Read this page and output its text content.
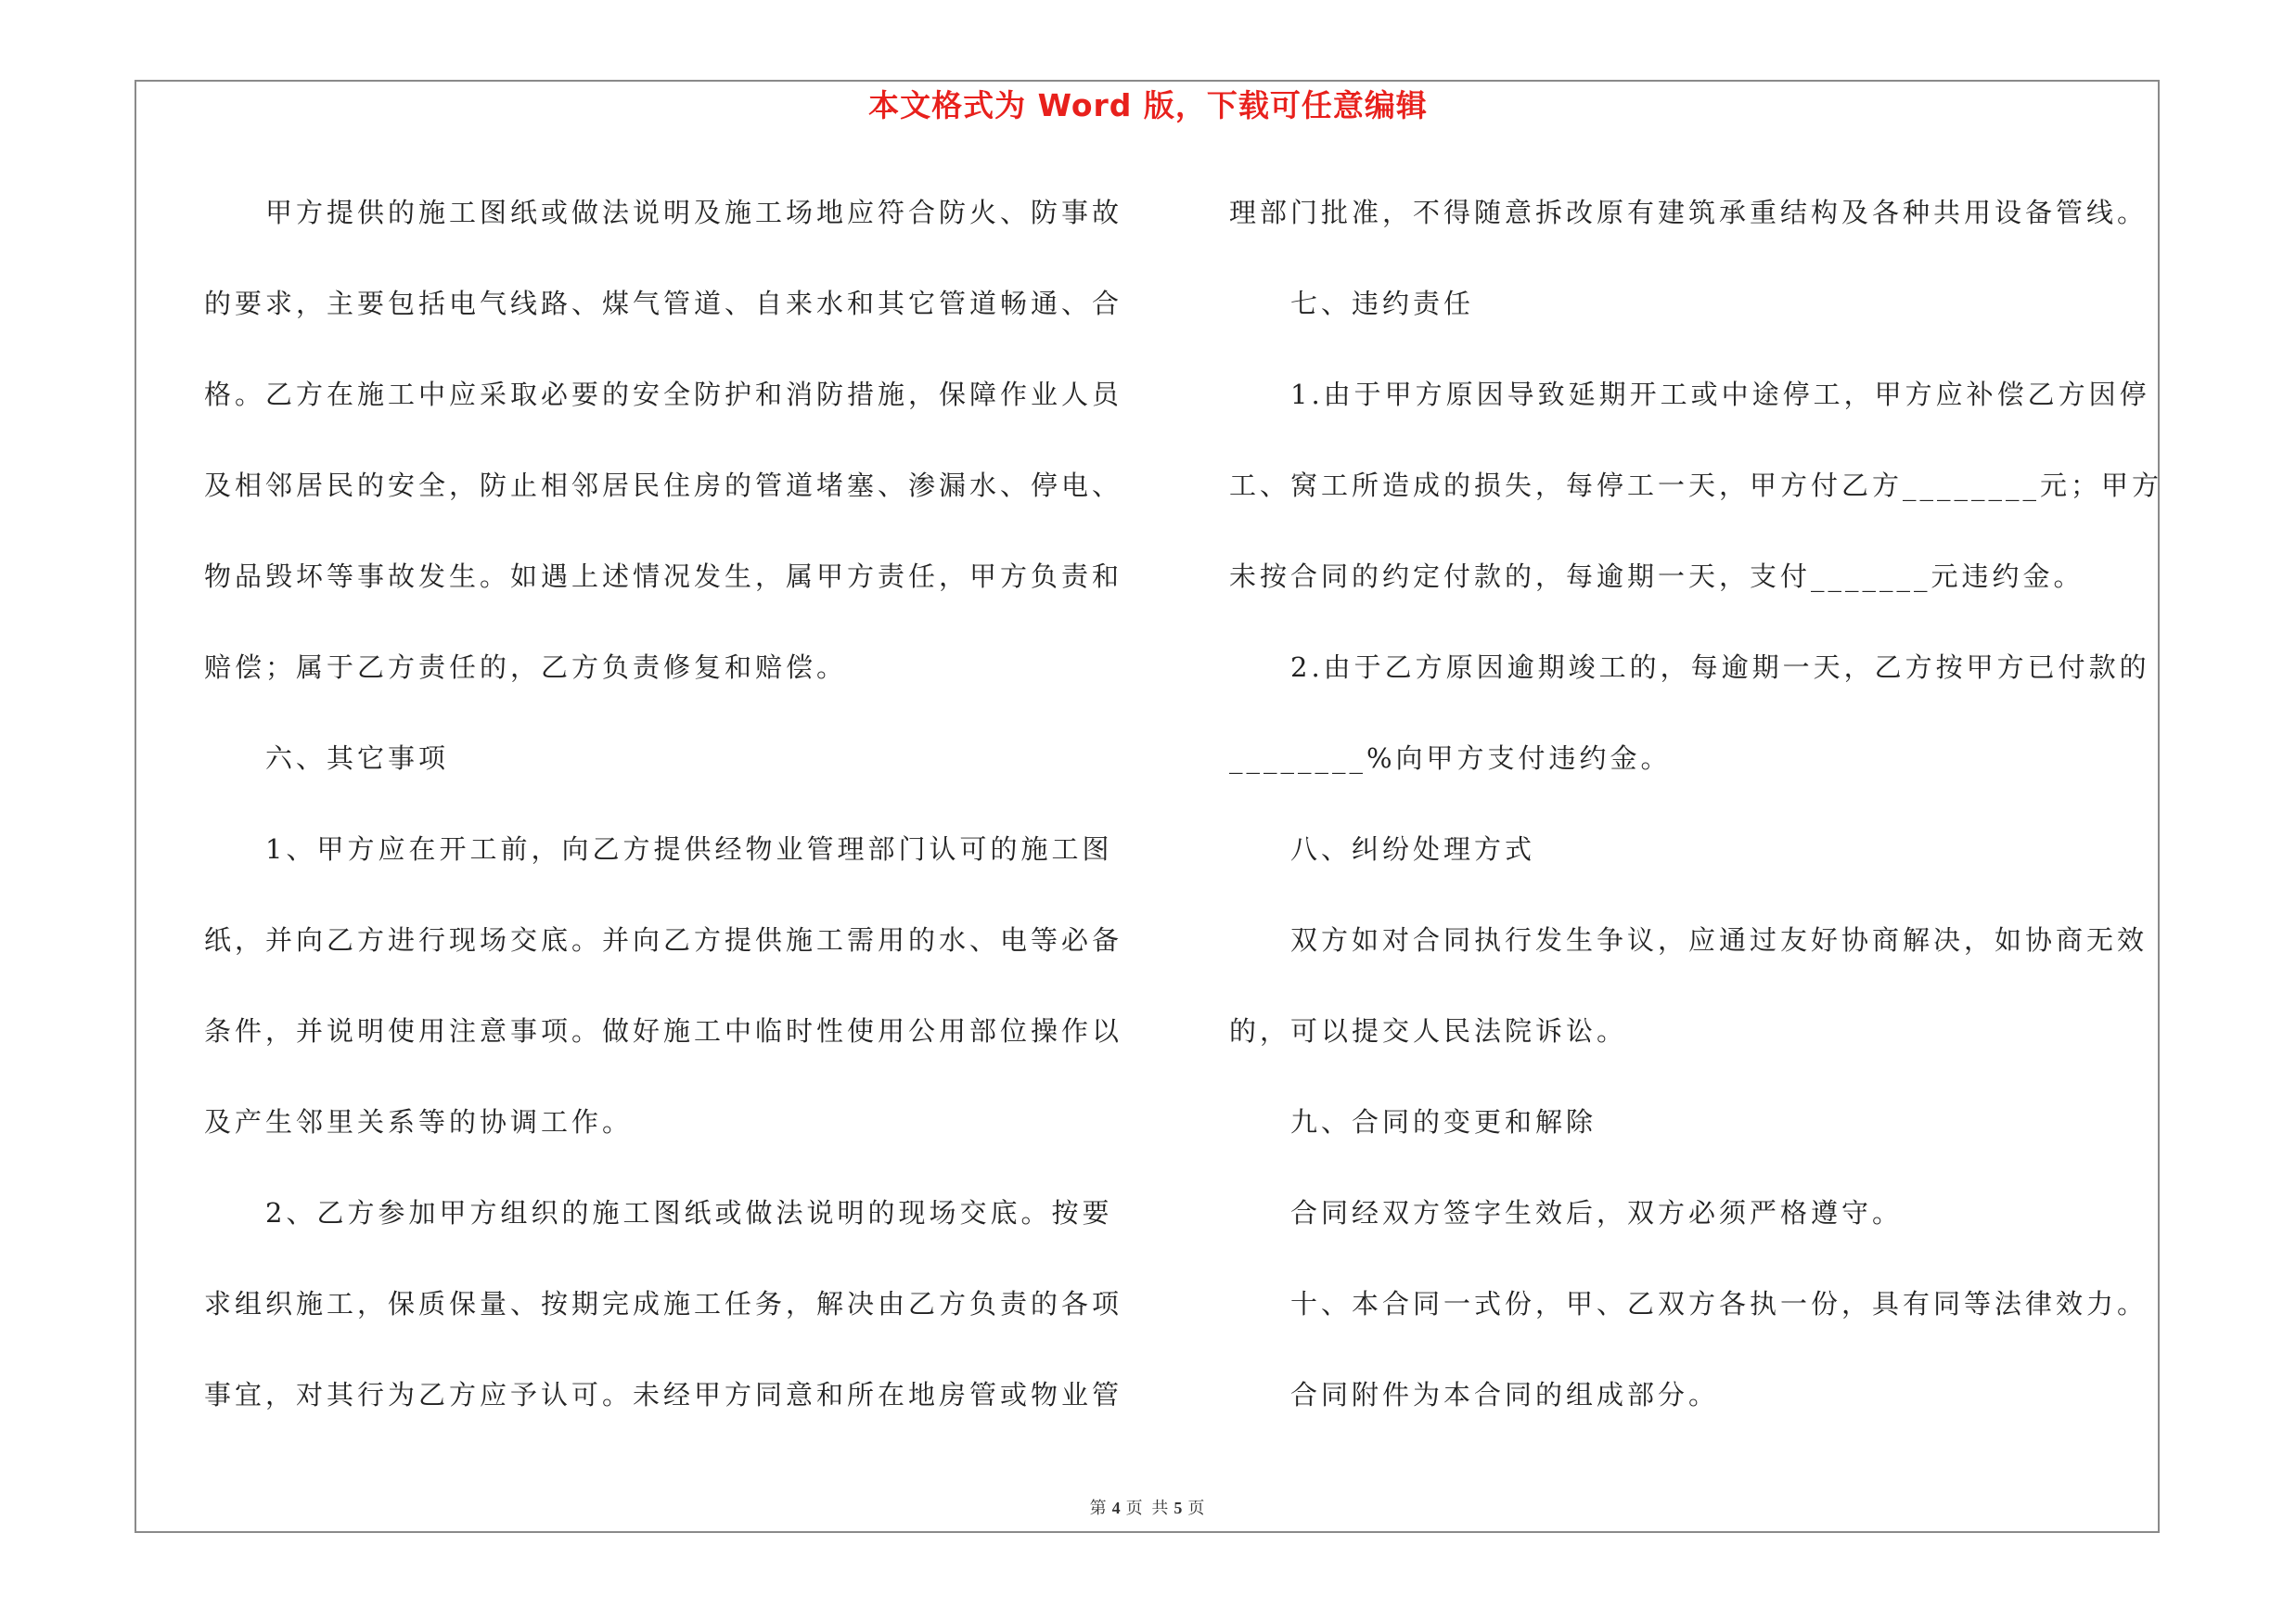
本文格式为 Word 版，下载可任意编辑
甲方提供的施工图纸或做法说明及施工场地应符合防火、防事故
的要求，主要包括电气线路、煤气管道、自来水和其它管道畅通、合
格。乙方在施工中应采取必要的安全防护和消防措施，保障作业人员
及相邻居民的安全，防止相邻居民住房的管道堵塞、渗漏水、停电、
物品毁坏等事故发生。如遇上述情况发生，属甲方责任，甲方负责和
赔偿；属于乙方责任的，乙方负责修复和赔偿。
六、其它事项
1、甲方应在开工前，向乙方提供经物业管理部门认可的施工图
纸，并向乙方进行现场交底。并向乙方提供施工需用的水、电等必备
条件，并说明使用注意事项。做好施工中临时性使用公用部位操作以
及产生邻里关系等的协调工作。
2、乙方参加甲方组织的施工图纸或做法说明的现场交底。按要
求组织施工，保质保量、按期完成施工任务，解决由乙方负责的各项
事宜，对其行为乙方应予认可。未经甲方同意和所在地房管或物业管
理部门批准，不得随意拆改原有建筑承重结构及各种共用设备管线。
七、违约责任
1.由于甲方原因导致延期开工或中途停工，甲方应补偿乙方因停
工、窝工所造成的损失，每停工一天，甲方付乙方________元；甲方
未按合同的约定付款的，每逾期一天，支付_______元违约金。
2.由于乙方原因逾期竣工的，每逾期一天，乙方按甲方已付款的
________%向甲方支付违约金。
八、纠纷处理方式
双方如对合同执行发生争议，应通过友好协商解决，如协商无效
的，可以提交人民法院诉讼。
九、合同的变更和解除
合同经双方签字生效后，双方必须严格遵守。
十、本合同一式份，甲、乙双方各执一份，具有同等法律效力。
合同附件为本合同的组成部分。
第 4 页 共 5 页
